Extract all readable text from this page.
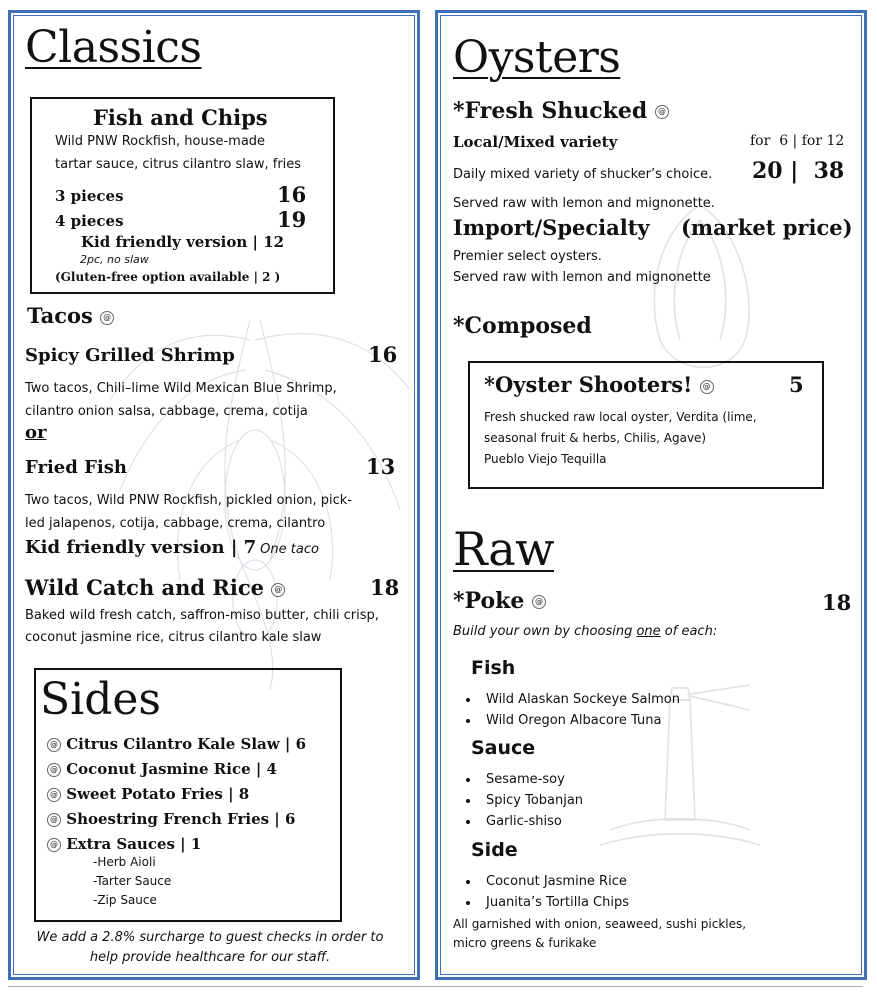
Classics
Fish and Chips
Wild PNW Rockfish, house-made
tartar sauce, citrus cilantro slaw, fries
3 pieces	16
4 pieces	19
Kid friendly version | 12
2pc, no slaw
(Gluten-free option available | 2 )
Tacos @
Spicy Grilled Shrimp	16
Two tacos, Chili–lime Wild Mexican Blue Shrimp,
cilantro onion salsa, cabbage, crema, cotija
or
Fried Fish	13
Two tacos, Wild PNW Rockfish, pickled onion, pick-
led jalapenos, cotija, cabbage, crema, cilantro
Kid friendly version | 7 One taco
Wild Catch and Rice @	18
Baked wild fresh catch, saffron-miso butter, chili crisp,
coconut jasmine rice, citrus cilantro kale slaw
Sides
@ Citrus Cilantro Kale Slaw | 6
@ Coconut Jasmine Rice | 4
@ Sweet Potato Fries | 8
@ Shoestring French Fries | 6
@ Extra Sauces | 1
-Herb Aioli
-Tarter Sauce
-Zip Sauce
We add a 2.8% surcharge to guest checks in order to
help provide healthcare for our staff.
Oysters
*Fresh Shucked @
Local/Mixed variety	for  6 | for 12
Daily mixed variety of shucker’s choice. 20 |  38
Served raw with lemon and mignonette.
Import/Specialty (market price)
Premier select oysters.
Served raw with lemon and mignonette
*Composed
*Oyster Shooters! @	5
Fresh shucked raw local oyster, Verdita (lime,
seasonal fruit & herbs, Chilis, Agave)
Pueblo Viejo Tequilla
Raw
*Poke @	18
Build your own by choosing one of each:
Fish
• Wild Alaskan Sockeye Salmon
• Wild Oregon Albacore Tuna
Sauce
• Sesame-soy
• Spicy Tobanjan
• Garlic-shiso
Side
• Coconut Jasmine Rice
• Juanita’s Tortilla Chips
All garnished with onion, seaweed, sushi pickles,
micro greens & furikake
